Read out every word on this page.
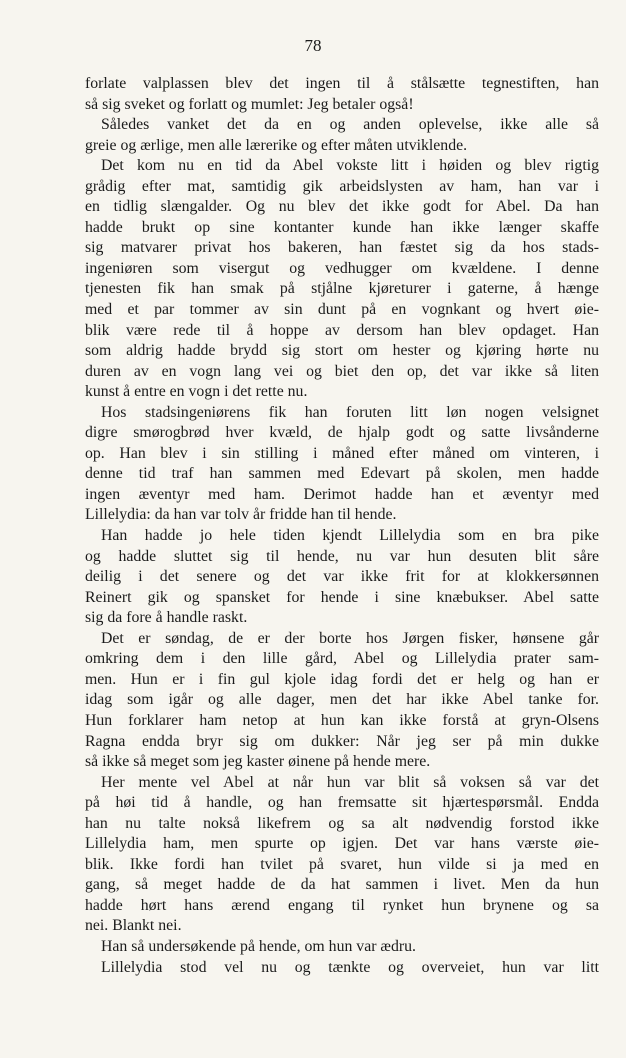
78
forlate valplassen blev det ingen til å stålsætte tegnestiften, han
så sig sveket og forlatt og mumlet: Jeg betaler også!
Således vanket det da en og anden oplevelse, ikke alle så
greie og ærlige, men alle lærerike og efter måten utviklende.
Det kom nu en tid da Abel vokste litt i høiden og blev rigtig
grådig efter mat, samtidig gik arbeidslysten av ham, han var i
en tidlig slængalder. Og nu blev det ikke godt for Abel. Da han
hadde brukt op sine kontanter kunde han ikke længer skaffe
sig matvarer privat hos bakeren, han fæstet sig da hos stads-
ingeniøren som visergut og vedhugger om kvældene. I denne
tjenesten fik han smak på stjålne kjøreturer i gaterne, å hænge
med et par tommer av sin dunt på en vognkant og hvert øie-
blik være rede til å hoppe av dersom han blev opdaget. Han
som aldrig hadde brydd sig stort om hester og kjøring hørte nu
duren av en vogn lang vei og biet den op, det var ikke så liten
kunst å entre en vogn i det rette nu.
Hos stadsingeniørens fik han foruten litt løn nogen velsignet
digre smørogbrød hver kvæld, de hjalp godt og satte livsånderne
op. Han blev i sin stilling i måned efter måned om vinteren, i
denne tid traf han sammen med Edevart på skolen, men hadde
ingen æventyr med ham. Derimot hadde han et æventyr med
Lillelydia: da han var tolv år fridde han til hende.
Han hadde jo hele tiden kjendt Lillelydia som en bra pike
og hadde sluttet sig til hende, nu var hun desuten blit såre
deilig i det senere og det var ikke frit for at klokkersønnen
Reinert gik og spansket for hende i sine knæbukser. Abel satte
sig da fore å handle raskt.
Det er søndag, de er der borte hos Jørgen fisker, hønsene går
omkring dem i den lille gård, Abel og Lillelydia prater sam-
men. Hun er i fin gul kjole idag fordi det er helg og han er
idag som igår og alle dager, men det har ikke Abel tanke for.
Hun forklarer ham netop at hun kan ikke forstå at gryn-Olsens
Ragna endda bryr sig om dukker: Når jeg ser på min dukke
så ikke så meget som jeg kaster øinene på hende mere.
Her mente vel Abel at når hun var blit så voksen så var det
på høi tid å handle, og han fremsatte sit hjærtespørsmål. Endda
han nu talte nokså likefrem og sa alt nødvendig forstod ikke
Lillelydia ham, men spurte op igjen. Det var hans værste øie-
blik. Ikke fordi han tvilet på svaret, hun vilde si ja med en
gang, så meget hadde de da hat sammen i livet. Men da hun
hadde hørt hans ærend engang til rynket hun brynene og sa
nei. Blankt nei.
Han så undersøkende på hende, om hun var ædru.
Lillelydia stod vel nu og tænkte og overveiet, hun var litt
